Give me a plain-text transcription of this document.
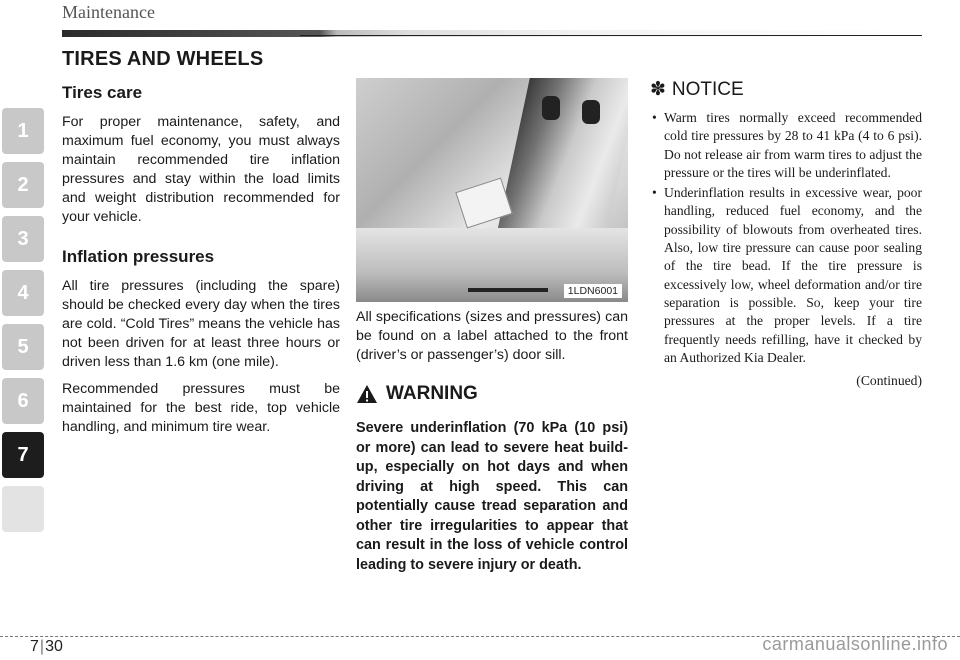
Maintenance
1
2
3
4
5
6
7
TIRES AND WHEELS
Tires care

For proper maintenance, safety, and maximum fuel economy, you must always maintain recommended tire inflation pressures and stay within the load limits and weight distribution recommended for your vehicle.

Inflation pressures

All tire pressures (including the spare) should be checked every day when the tires are cold. “Cold Tires” means the vehicle has not been driven for at least three hours or driven less than 1.6 km (one mile).

Recommended pressures must be maintained for the best ride, top vehicle handling, and minimum tire wear.

1LDN6001

All specifications (sizes and pressures) can be found on a label attached to the front (driver’s or passenger’s) door sill.

WARNING

Severe underinflation (70 kPa (10 psi) or more) can lead to severe heat build-up, especially on hot days and when driving at high speed. This can potentially cause tread separation and other tire irregularities to appear that can result in the loss of vehicle control leading to severe injury or death.

✽ NOTICE
• Warm tires normally exceed recommended cold tire pressures by 28 to 41 kPa (4 to 6 psi). Do not release air from warm tires to adjust the pressure or the tires will be underinflated.
• Underinflation results in excessive wear, poor handling, reduced fuel economy, and the possibility of blowouts from overheated tires. Also, low tire pressure can cause poor sealing of the tire bead. If the tire pressure is excessively low, wheel deformation and/or tire separation is possible. So, keep your tire pressures at the proper levels. If a tire frequently needs refilling, have it checked by an Authorized Kia Dealer.
(Continued)
7|30	carmanualsonline.info
